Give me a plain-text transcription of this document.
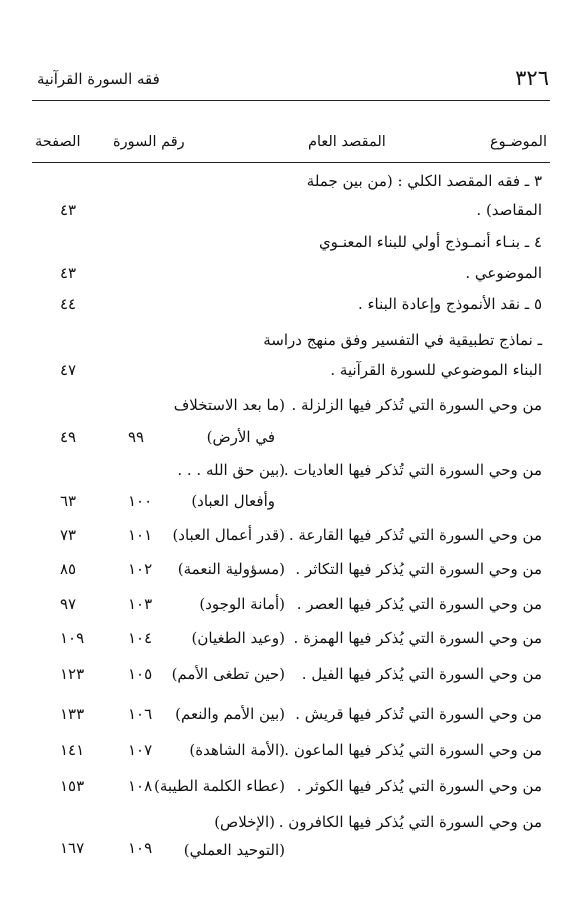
٣٢٦
فقه السورة القرآنية
الموضـوع
المقصد العام
رقم السورة
الصفحة
٣ ـ فقه المقصد الكلي : (من بين جملة
المقاصد) .
٤٣
٤ ـ بنـاء أنمـوذج أولي للبناء المعنـوي
الموضوعي .
٤٣
٥ ـ نقد الأنموذج وإعادة البناء .
٤٤
ـ نماذج تطبيقية في التفسير وفق منهج دراسة
البناء الموضوعي للسورة القرآنية .
٤٧
من وحي السورة التي تُذكر فيها الزلزلة .
(ما بعد الاستخلاف
في الأرض)
٩٩
٤٩
من وحي السورة التي تُذكر فيها العاديات .
(بين حق الله . . .
وأفعال العباد)
١٠٠
٦٣
من وحي السورة التي تُذكر فيها القارعة .
(قدر أعمال العباد)
١٠١
٧٣
من وحي السورة التي يُذكر فيها التكاثر .
(مسؤولية النعمة)
١٠٢
٨٥
من وحي السورة التي يُذكر فيها العصر .
(أمانة الوجود)
١٠٣
٩٧
من وحي السورة التي يُذكر فيها الهمزة .
(وعيد الطغيان)
١٠٤
١٠٩
من وحي السورة التي يُذكر فيها الفيل .
(حين تطغى الأمم)
١٠٥
١٢٣
من وحي السورة التي تُذكر فيها قريش .
(بين الأمم والنعم)
١٠٦
١٣٣
من وحي السورة التي يُذكر فيها الماعون .
(الأمة الشاهدة)
١٠٧
١٤١
من وحي السورة التي يُذكر فيها الكوثر .
(عطاء الكلمة الطيبة)
١٠٨
١٥٣
من وحي السورة التي يُذكر فيها الكافرون .
(الإخلاص)
(التوحيد العملي)
١٠٩
١٦٧
